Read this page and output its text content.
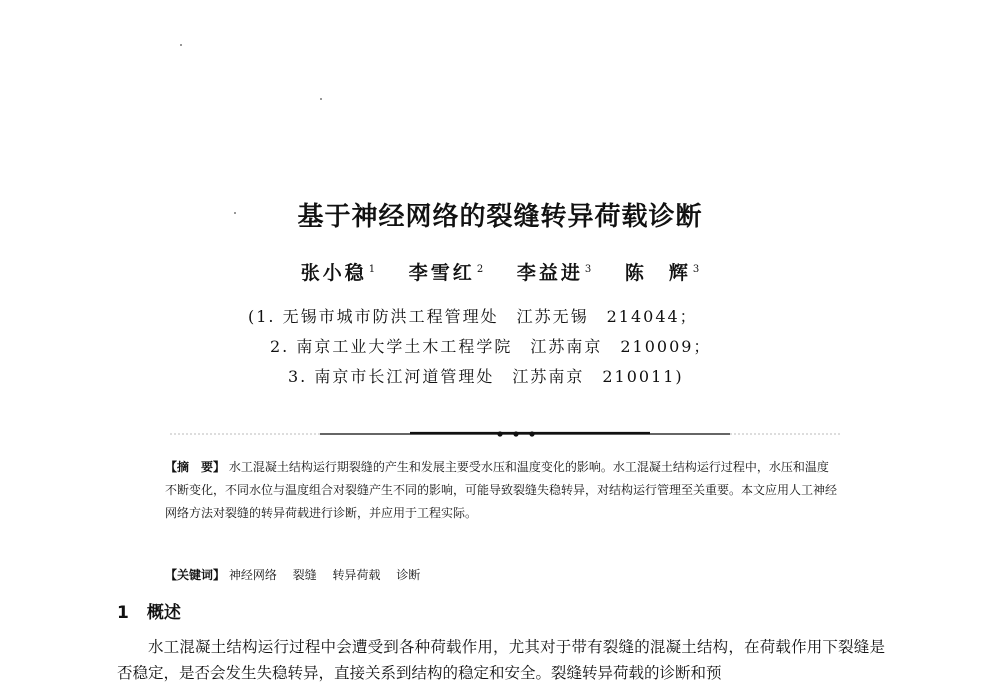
基于神经网络的裂缝转异荷载诊断
张小稳 $^1$ 李雪红 $^2$ 李益进 $^3$ 陈　辉 $^3$
(1. 无锡市城市防洪工程管理处　江苏无锡　214044；
2. 南京工业大学土木工程学院　江苏南京　210009；
3. 南京市长江河道管理处　江苏南京　210011)
【摘　要】 水工混凝土结构运行期裂缝的产生和发展主要受水压和温度变化的影响。水工混凝土结构运行过程中，水压和温度不断变化，不同水位与温度组合对裂缝产生不同的影响，可能导致裂缝失稳转异，对结构运行管理至关重要。本文应用人工神经网络方法对裂缝的转异荷载进行诊断，并应用于工程实际。
【关键词】 神经网络 裂缝 转异荷载 诊断
1 概述
水工混凝土结构运行过程中会遭受到各种荷载作用，尤其对于带有裂缝的混凝土结构，在荷载作用下裂缝是否稳定，是否会发生失稳转异，直接关系到结构的稳定和安全。裂缝转异荷载的诊断和预
